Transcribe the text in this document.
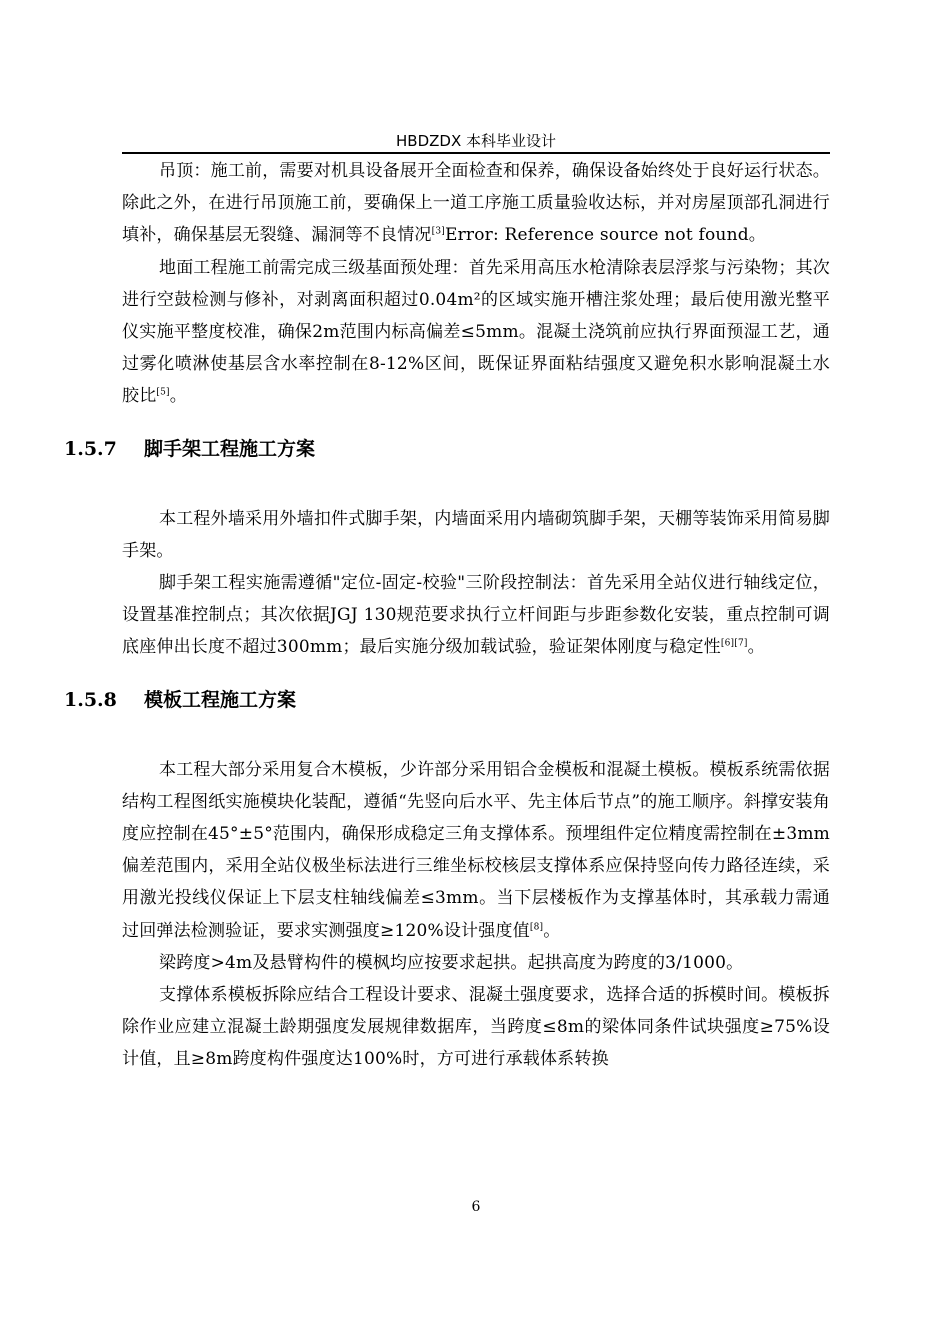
HBDZDX 本科毕业设计

吊顶：施工前，需要对机具设备展开全面检查和保养，确保设备始终处于良好运行状态。除此之外，在进行吊顶施工前，要确保上一道工序施工质量验收达标，并对房屋顶部孔洞进行填补，确保基层无裂缝、漏洞等不良情况[3]Error: Reference source not found。

地面工程施工前需完成三级基面预处理：首先采用高压水枪清除表层浮浆与污染物；其次进行空鼓检测与修补，对剥离面积超过0.04m²的区域实施开槽注浆处理；最后使用激光整平仪实施平整度校准，确保2m范围内标高偏差≤5mm。混凝土浇筑前应执行界面预湿工艺，通过雾化喷淋使基层含水率控制在8-12%区间，既保证界面粘结强度又避免积水影响混凝土水胶比[5]。

1.5.7 脚手架工程施工方案

本工程外墙采用外墙扣件式脚手架，内墙面采用内墙砌筑脚手架，天棚等装饰采用简易脚手架。

脚手架工程实施需遵循"定位-固定-校验"三阶段控制法：首先采用全站仪进行轴线定位，设置基准控制点；其次依据JGJ 130规范要求执行立杆间距与步距参数化安装，重点控制可调底座伸出长度不超过300mm；最后实施分级加载试验，验证架体刚度与稳定性[6][7]。

1.5.8 模板工程施工方案

本工程大部分采用复合木模板，少许部分采用铝合金模板和混凝土模板。模板系统需依据结构工程图纸实施模块化装配，遵循“先竖向后水平、先主体后节点”的施工顺序。斜撑安装角度应控制在45°±5°范围内，确保形成稳定三角支撑体系。预埋组件定位精度需控制在±3mm偏差范围内，采用全站仪极坐标法进行三维坐标校核层支撑体系应保持竖向传力路径连续，采用激光投线仪保证上下层支柱轴线偏差≤3mm。当下层楼板作为支撑基体时，其承载力需通过回弹法检测验证，要求实测强度≥120%设计强度值[8]。

梁跨度>4m及悬臂构件的模枫均应按要求起拱。起拱高度为跨度的3/1000。

支撑体系模板拆除应结合工程设计要求、混凝土强度要求，选择合适的拆模时间。模板拆除作业应建立混凝土龄期强度发展规律数据库，当跨度≤8m的梁体同条件试块强度≥75%设计值，且≥8m跨度构件强度达100%时，方可进行承载体系转换

6
